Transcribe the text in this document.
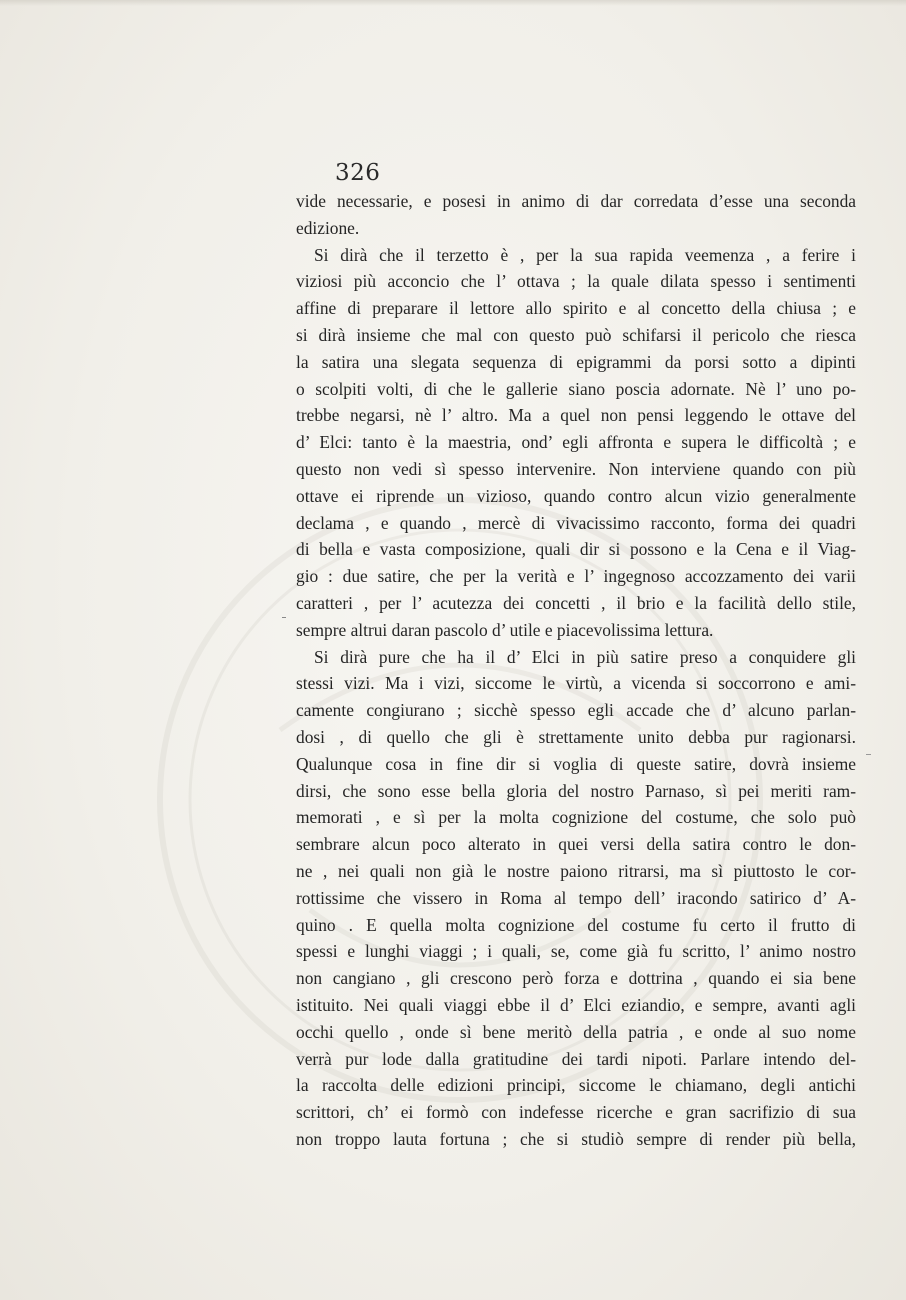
326
vide necessarie, e posesi in animo di dar corredata d’esse una seconda
edizione.
Si dirà che il terzetto è , per la sua rapida veemenza , a ferire i
viziosi più acconcio che l’ ottava ; la quale dilata spesso i sentimenti
affine di preparare il lettore allo spirito e al concetto della chiusa ; e
si dirà insieme che mal con questo può schifarsi il pericolo che riesca
la satira una slegata sequenza di epigrammi da porsi sotto a dipinti
o scolpiti volti, di che le gallerie siano poscia adornate. Nè l’ uno po-
trebbe negarsi, nè l’ altro. Ma a quel non pensi leggendo le ottave del
d’ Elci: tanto è la maestria, ond’ egli affronta e supera le difficoltà ; e
questo non vedi sì spesso intervenire. Non interviene quando con più
ottave ei riprende un vizioso, quando contro alcun vizio generalmente
declama , e quando , mercè di vivacissimo racconto, forma dei quadri
di bella e vasta composizione, quali dir si possono e la Cena e il Viag-
gio : due satire, che per la verità e l’ ingegnoso accozzamento dei varii
caratteri , per l’ acutezza dei concetti , il brio e la facilità dello stile,
sempre altrui daran pascolo d’ utile e piacevolissima lettura.
Si dirà pure che ha il d’ Elci in più satire preso a conquidere gli
stessi vizi. Ma i vizi, siccome le virtù, a vicenda si soccorrono e ami-
camente congiurano ; sicchè spesso egli accade che d’ alcuno parlan-
dosi , di quello che gli è strettamente unito debba pur ragionarsi.
Qualunque cosa in fine dir si voglia di queste satire, dovrà insieme
dirsi, che sono esse bella gloria del nostro Parnaso, sì pei meriti ram-
memorati , e sì per la molta cognizione del costume, che solo può
sembrare alcun poco alterato in quei versi della satira contro le don-
ne , nei quali non già le nostre paiono ritrarsi, ma sì piuttosto le cor-
rottissime che vissero in Roma al tempo dell’ iracondo satirico d’ A-
quino . E quella molta cognizione del costume fu certo il frutto di
spessi e lunghi viaggi ; i quali, se, come già fu scritto, l’ animo nostro
non cangiano , gli crescono però forza e dottrina , quando ei sia bene
istituito. Nei quali viaggi ebbe il d’ Elci eziandio, e sempre, avanti agli
occhi quello , onde sì bene meritò della patria , e onde al suo nome
verrà pur lode dalla gratitudine dei tardi nipoti. Parlare intendo del-
la raccolta delle edizioni principi, siccome le chiamano, degli antichi
scrittori, ch’ ei formò con indefesse ricerche e gran sacrifizio di sua
non troppo lauta fortuna ; che si studiò sempre di render più bella,
